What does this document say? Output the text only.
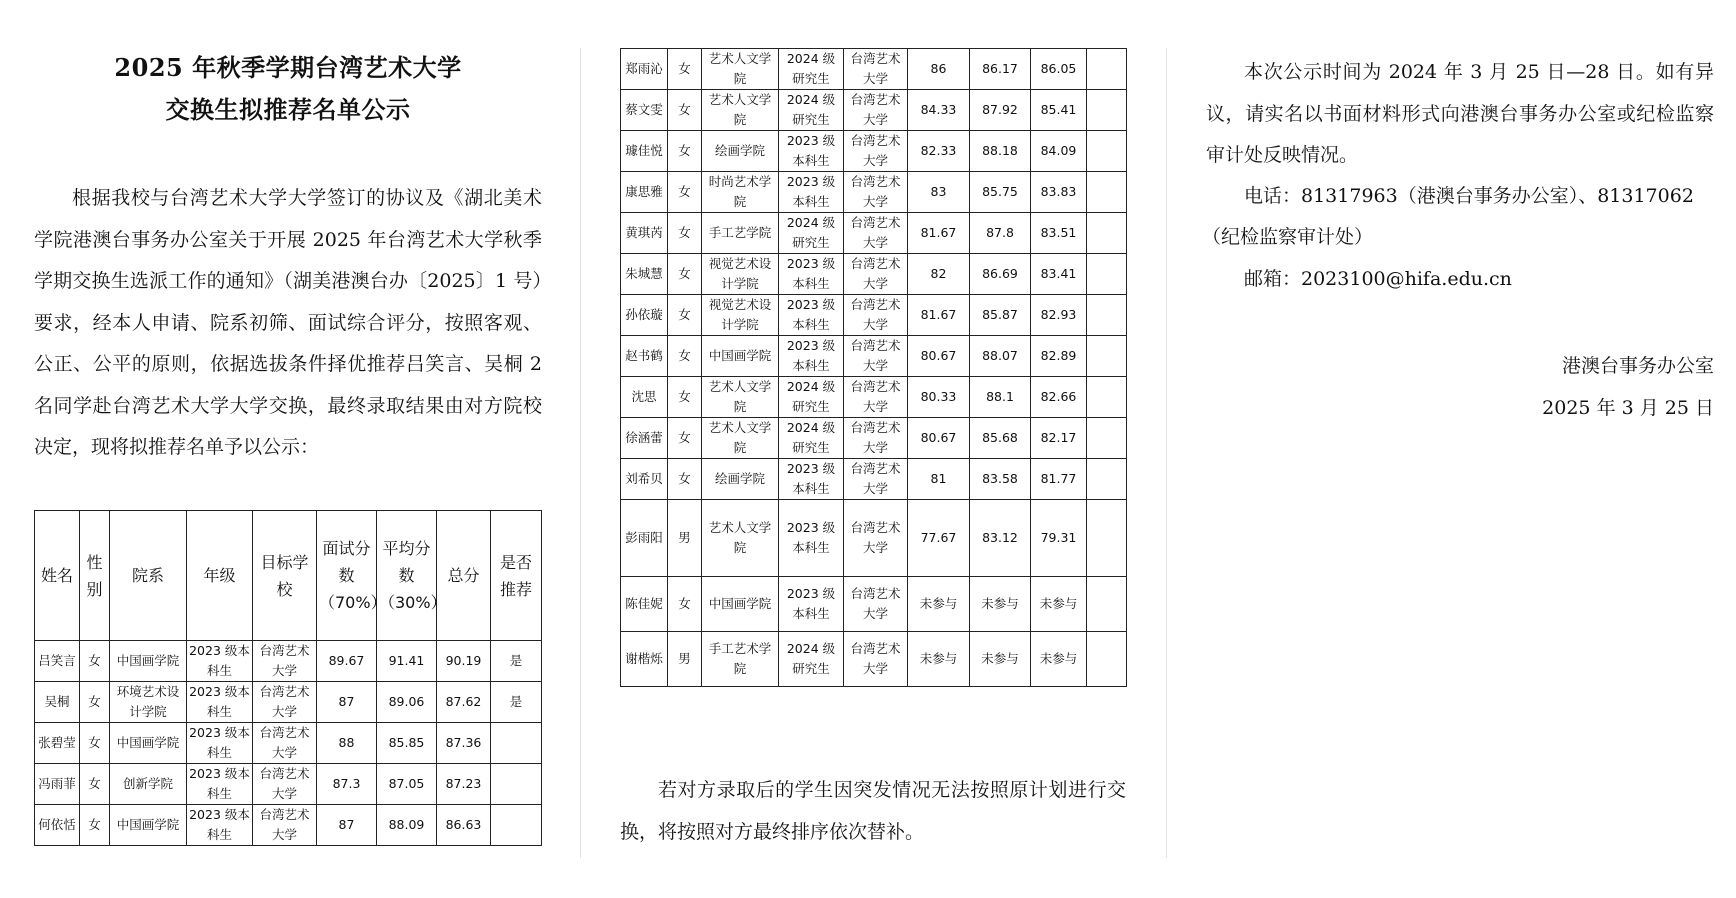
2025 年秋季学期台湾艺术大学
交换生拟推荐名单公示

根据我校与台湾艺术大学大学签订的协议及《湖北美术学院港澳台事务办公室关于开展 2025 年台湾艺术大学秋季学期交换生选派工作的通知》（湖美港澳台办〔2025〕1 号）要求，经本人申请、院系初筛、面试综合评分，按照客观、公正、公平的原则，依据选拔条件择优推荐吕笑言、吴桐 2 名同学赴台湾艺术大学大学交换，最终录取结果由对方院校决定，现将拟推荐名单予以公示：

姓名	性别	院系	年级	目标学校	面试分数（70%）	平均分数（30%）	总分	是否推荐
吕笑言	女	中国画学院	2023 级本科生	台湾艺术大学	89.67	91.41	90.19	是
吴桐	女	环境艺术设计学院	2023 级本科生	台湾艺术大学	87	89.06	87.62	是
张碧莹	女	中国画学院	2023 级本科生	台湾艺术大学	88	85.85	87.36	
冯雨菲	女	创新学院	2023 级本科生	台湾艺术大学	87.3	87.05	87.23	
何依恬	女	中国画学院	2023 级本科生	台湾艺术大学	87	88.09	86.63	
郑雨沁	女	艺术人文学院	2024 级研究生	台湾艺术大学	86	86.17	86.05	
蔡文雯	女	艺术人文学院	2024 级研究生	台湾艺术大学	84.33	87.92	85.41	
璩佳悦	女	绘画学院	2023 级本科生	台湾艺术大学	82.33	88.18	84.09	
康思雅	女	时尚艺术学院	2023 级本科生	台湾艺术大学	83	85.75	83.83	
黄琪芮	女	手工艺学院	2024 级研究生	台湾艺术大学	81.67	87.8	83.51	
朱城慧	女	视觉艺术设计学院	2023 级本科生	台湾艺术大学	82	86.69	83.41	
孙依璇	女	视觉艺术设计学院	2023 级本科生	台湾艺术大学	81.67	85.87	82.93	
赵书鹤	女	中国画学院	2023 级本科生	台湾艺术大学	80.67	88.07	82.89	
沈思	女	艺术人文学院	2024 级研究生	台湾艺术大学	80.33	88.1	82.66	
徐涵蕾	女	艺术人文学院	2024 级研究生	台湾艺术大学	80.67	85.68	82.17	
刘希贝	女	绘画学院	2023 级本科生	台湾艺术大学	81	83.58	81.77	
彭雨阳	男	艺术人文学院	2023 级本科生	台湾艺术大学	77.67	83.12	79.31	
陈佳妮	女	中国画学院	2023 级本科生	台湾艺术大学	未参与	未参与	未参与	
谢楷烁	男	手工艺术学院	2024 级研究生	台湾艺术大学	未参与	未参与	未参与	

若对方录取后的学生因突发情况无法按照原计划进行交换，将按照对方最终排序依次替补。

本次公示时间为 2024 年 3 月 25 日—28 日。如有异议，请实名以书面材料形式向港澳台事务办公室或纪检监察审计处反映情况。

电话：81317963（港澳台事务办公室）、81317062

（纪检监察审计处）

邮箱：2023100@hifa.edu.cn

港澳台事务办公室

2025 年 3 月 25 日
